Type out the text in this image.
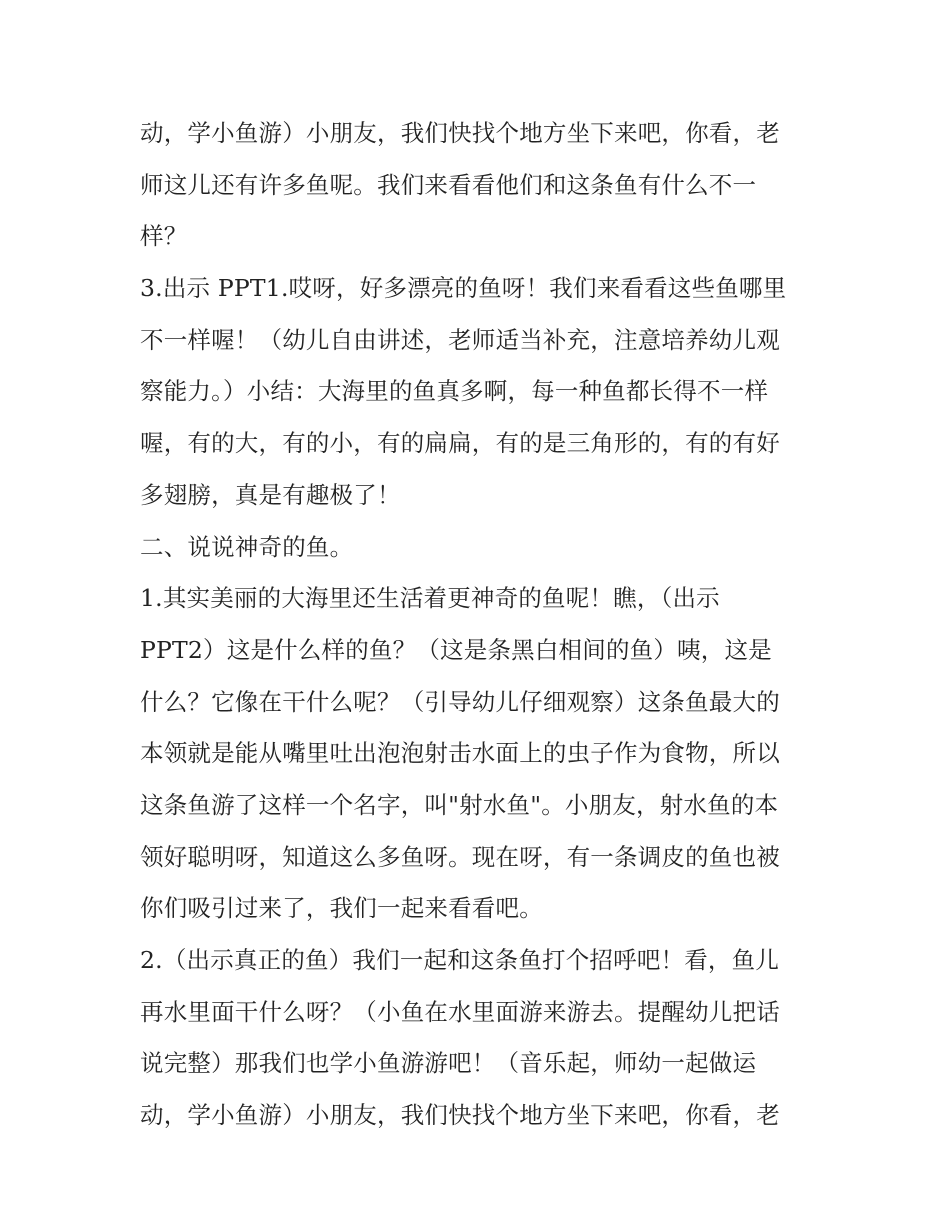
动，学小鱼游）小朋友，我们快找个地方坐下来吧，你看，老
师这儿还有许多鱼呢。我们来看看他们和这条鱼有什么不一
样？
3.出示 PPT1.哎呀，好多漂亮的鱼呀！我们来看看这些鱼哪里
不一样喔！（幼儿自由讲述，老师适当补充，注意培养幼儿观
察能力。）小结：大海里的鱼真多啊，每一种鱼都长得不一样
喔，有的大，有的小，有的扁扁，有的是三角形的，有的有好
多翅膀，真是有趣极了！
二、说说神奇的鱼。
1.其实美丽的大海里还生活着更神奇的鱼呢！瞧，（出示
PPT2）这是什么样的鱼？（这是条黑白相间的鱼）咦，这是
什么？它像在干什么呢？（引导幼儿仔细观察）这条鱼最大的
本领就是能从嘴里吐出泡泡射击水面上的虫子作为食物，所以
这条鱼游了这样一个名字，叫"射水鱼"。小朋友，射水鱼的本
领好聪明呀，知道这么多鱼呀。现在呀，有一条调皮的鱼也被
你们吸引过来了，我们一起来看看吧。
2.（出示真正的鱼）我们一起和这条鱼打个招呼吧！看，鱼儿
再水里面干什么呀？（小鱼在水里面游来游去。提醒幼儿把话
说完整）那我们也学小鱼游游吧！（音乐起，师幼一起做运
动，学小鱼游）小朋友，我们快找个地方坐下来吧，你看，老
